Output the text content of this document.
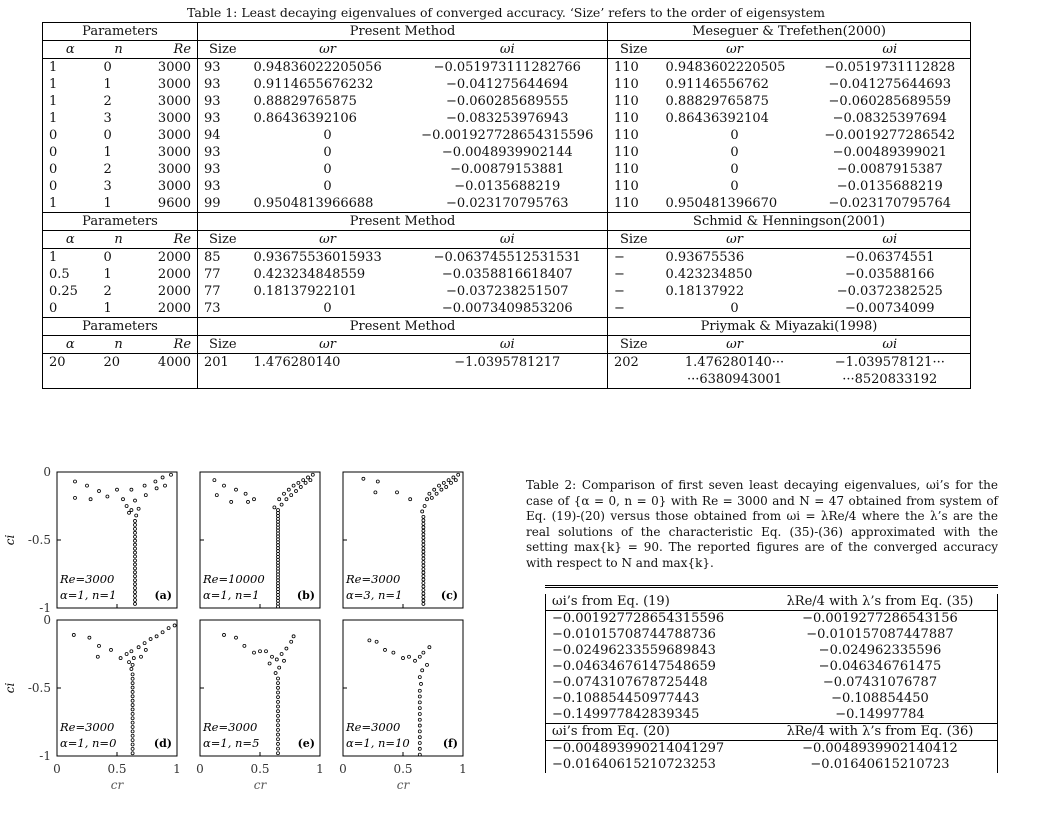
Table 1: Least decaying eigenvalues of converged accuracy. ‘Size’ refers to the order of eigensystem
Parameters			Present Method			Meseguer & Trefethen(2000)		
α	n	Re	Size	ωr	ωi	Size	ωr	ωi
1	0	3000	93	0.94836022205056	−0.051973111282766	110	0.9483602220505	−0.0519731112828
1	1	3000	93	0.9114655676232	−0.041275644694	110	0.91146556762	−0.041275644693
1	2	3000	93	0.88829765875	−0.060285689555	110	0.88829765875	−0.060285689559
1	3	3000	93	0.86436392106	−0.083253976943	110	0.86436392104	−0.08325397694
0	0	3000	94	0	−0.001927728654315596	110	0	−0.0019277286542
0	1	3000	93	0	−0.0048939902144	110	0	−0.00489399021
0	2	3000	93	0	−0.00879153881	110	0	−0.0087915387
0	3	3000	93	0	−0.0135688219	110	0	−0.0135688219
1	1	9600	99	0.9504813966688	−0.023170795763	110	0.950481396670	−0.023170795764
Parameters			Present Method			Schmid & Henningson(2001)		
α	n	Re	Size	ωr	ωi	Size	ωr	ωi
1	0	2000	85	0.93675536015933	−0.063745512531531	−	0.93675536	−0.06374551
0.5	1	2000	77	0.423234848559	−0.0358816618407	−	0.423234850	−0.03588166
0.25	2	2000	77	0.18137922101	−0.037238251507	−	0.18137922	−0.0372382525
0	1	2000	73	0	−0.0073409853206	−	0	−0.00734099
Parameters			Present Method			Priymak & Miyazaki(1998)		
α	n	Re	Size	ωr	ωi	Size	ωr	ωi
20	20	4000	201	1.476280140	−1.0395781217	202	1.476280140···	−1.039578121···
							···6380943001	···8520833192
Re=3000
α=1, n=1	(a)
0
-0.5
-1
ci
Re=10000
α=1, n=1	(b)
Re=3000
α=3, n=1	(c)
Re=3000
α=1, n=0	(d)
0
-0.5
-1
ci
0	0.5	1
cr
Re=3000
α=1, n=5	(e)
0	0.5	1
cr
Re=3000
α=1, n=10	(f)
0	0.5	1
cr
Table 2: Comparison of first seven least decaying eigenvalues, ωi’s for the case of {α = 0, n = 0} with Re = 3000 and N = 47 obtained from system of Eq. (19)-(20) versus those obtained from ωi = λRe/4 where the λ’s are the real solutions of the characteristic Eq. (35)-(36) approximated with the setting max{k} = 90. The reported figures are of the converged accuracy with respect to N and max{k}.
ωi’s from Eq. (19)	λRe/4 with λ’s from Eq. (35)
−0.001927728654315596	−0.0019277286543156
−0.01015708744788736	−0.010157087447887
−0.02496233559689843	−0.024962335596
−0.04634676147548659	−0.046346761475
−0.0743107678725448	−0.07431076787
−0.108854450977443	−0.108854450
−0.149977842839345	−0.14997784
ωi’s from Eq. (20)	λRe/4 with λ’s from Eq. (36)
−0.004893990214041297	−0.0048939902140412
−0.01640615210723253	−0.01640615210723
